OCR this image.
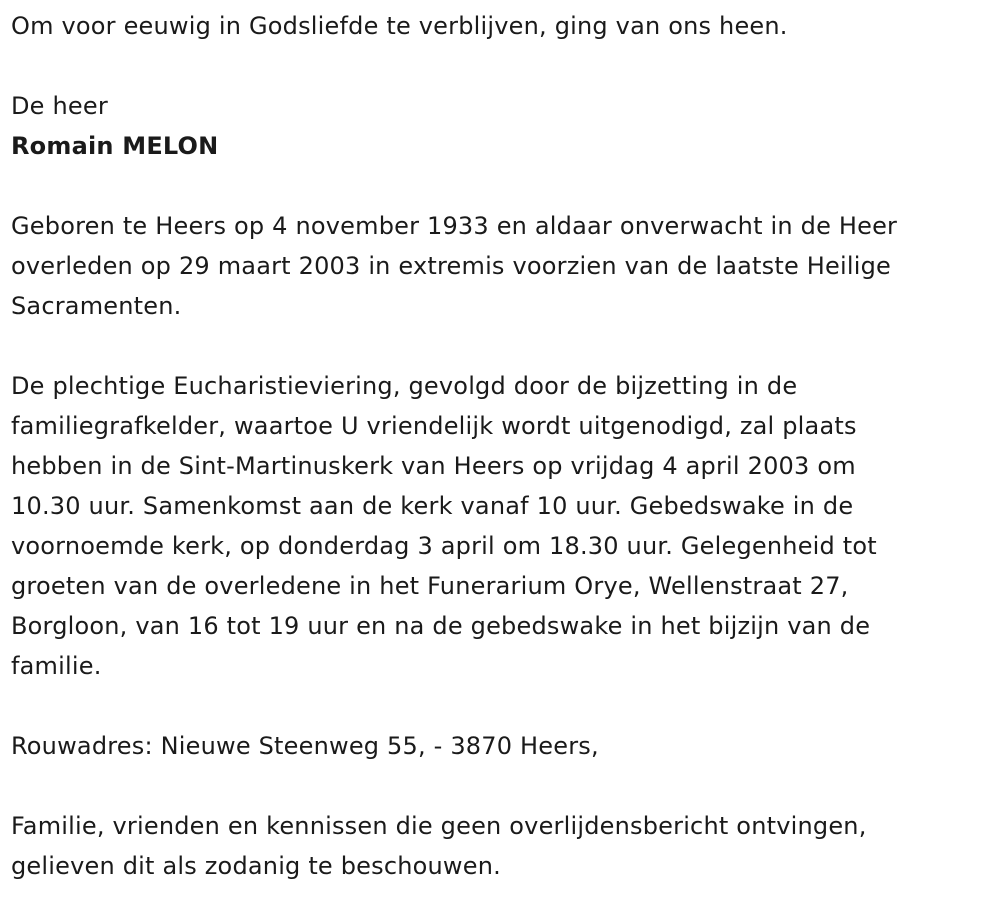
Om voor eeuwig in Godsliefde te verblijven, ging van ons heen.

De heer

Romain MELON

Geboren te Heers op 4 november 1933 en aldaar onverwacht in de Heer

overleden op 29 maart 2003 in extremis voorzien van de laatste Heilige

Sacramenten.

De plechtige Eucharistieviering, gevolgd door de bijzetting in de

familiegrafkelder, waartoe U vriendelijk wordt uitgenodigd, zal plaats

hebben in de Sint-Martinuskerk van Heers op vrijdag 4 april 2003 om

10.30 uur. Samenkomst aan de kerk vanaf 10 uur. Gebedswake in de

voornoemde kerk, op donderdag 3 april om 18.30 uur. Gelegenheid tot

groeten van de overledene in het Funerarium Orye, Wellenstraat 27,

Borgloon, van 16 tot 19 uur en na de gebedswake in het bijzijn van de

familie.

Rouwadres: Nieuwe Steenweg 55, - 3870 Heers,

Familie, vrienden en kennissen die geen overlijdensbericht ontvingen,

gelieven dit als zodanig te beschouwen.
